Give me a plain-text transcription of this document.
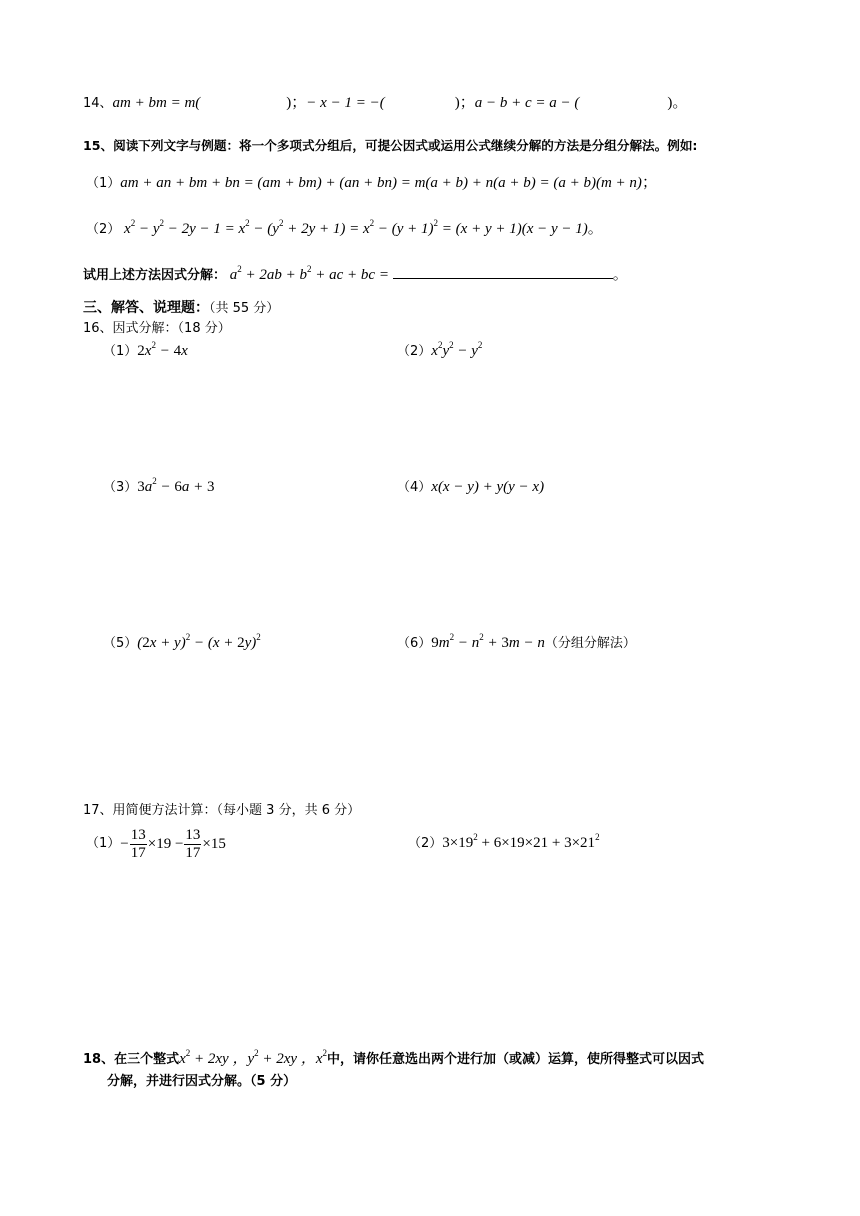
14、am + bm = m(	)；− x − 1 = −(	)；a − b + c = a − (	)。
15、阅读下列文字与例题：将一个多项式分组后，可提公因式或运用公式继续分解的方法是分组分解法。例如:
（1）am + an + bm + bn = (am + bm) + (an + bn) = m(a + b) + n(a + b) = (a + b)(m + n)；
（2） $x^2 - y^2 - 2y - 1 = x^2 - (y^2 + 2y + 1) = x^2 - (y + 1)^2 = (x + y + 1)(x - y - 1)$。
试用上述方法因式分解： $a^2 + 2ab + b^2$ + ac + bc =	。
三、解答、说理题：（共 55 分）
16、因式分解：（18 分）
$(1)2x^2 - 4x$	$(2)x^2y^2 - y^2$
$(3)3a^2 - 6a + 3$	（4）x(x − y) + y(y − x)
$(5)(2x + y)^2 - (x + 2y)^2$	$(6)9m^2 - n^2 + 3m - n$（分组分解法）
17、用简便方法计算：（每小题 3 分，共 6 分）
$(1)- \frac{13}{17} \times 19 - \frac{13}{17} \times 15$	$(2)3\times 19^2 + 6\times 19\times 21 + 3\times 21^2$
18、在三个整式$x^2 + 2xy$ ，$y^2 + 2xy$ ，$x^2$中，请你任意选出两个进行加（或减）运算，使所得整式可以因式
分解，并进行因式分解。（5 分）
